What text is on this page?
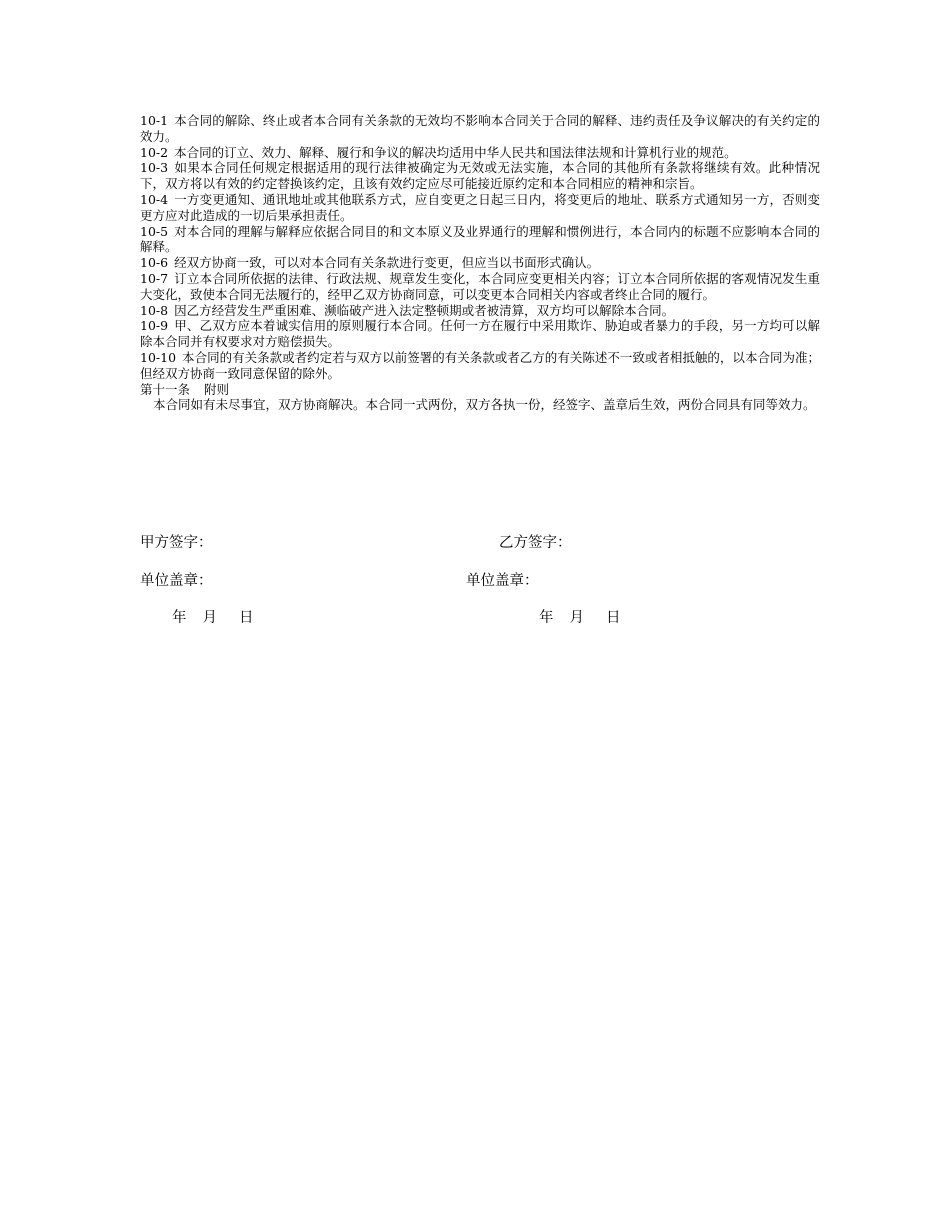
10-1 本合同的解除、终止或者本合同有关条款的无效均不影响本合同关于合同的解释、违约责任及争议解决的有关约定的效力。

10-2 本合同的订立、效力、解释、履行和争议的解决均适用中华人民共和国法律法规和计算机行业的规范。

10-3 如果本合同任何规定根据适用的现行法律被确定为无效或无法实施，本合同的其他所有条款将继续有效。此种情况下，双方将以有效的约定替换该约定，且该有效约定应尽可能接近原约定和本合同相应的精神和宗旨。

10-4 一方变更通知、通讯地址或其他联系方式，应自变更之日起三日内，将变更后的地址、联系方式通知另一方，否则变更方应对此造成的一切后果承担责任。

10-5 对本合同的理解与解释应依据合同目的和文本原义及业界通行的理解和惯例进行，本合同内的标题不应影响本合同的解释。

10-6 经双方协商一致，可以对本合同有关条款进行变更，但应当以书面形式确认。

10-7 订立本合同所依据的法律、行政法规、规章发生变化，本合同应变更相关内容；订立本合同所依据的客观情况发生重大变化，致使本合同无法履行的，经甲乙双方协商同意，可以变更本合同相关内容或者终止合同的履行。

10-8 因乙方经营发生严重困难、濒临破产进入法定整顿期或者被清算，双方均可以解除本合同。

10-9 甲、乙双方应本着诚实信用的原则履行本合同。任何一方在履行中采用欺诈、胁迫或者暴力的手段，另一方均可以解除本合同并有权要求对方赔偿损失。

10-10 本合同的有关条款或者约定若与双方以前签署的有关条款或者乙方的有关陈述不一致或者相抵触的，以本合同为准；但经双方协商一致同意保留的除外。

第十一条 附则

本合同如有未尽事宜，双方协商解决。本合同一式两份，双方各执一份，经签字、盖章后生效，两份合同具有同等效力。

甲方签字：	乙方签字：
单位盖章：	单位盖章：
年 月 日	年 月 日
